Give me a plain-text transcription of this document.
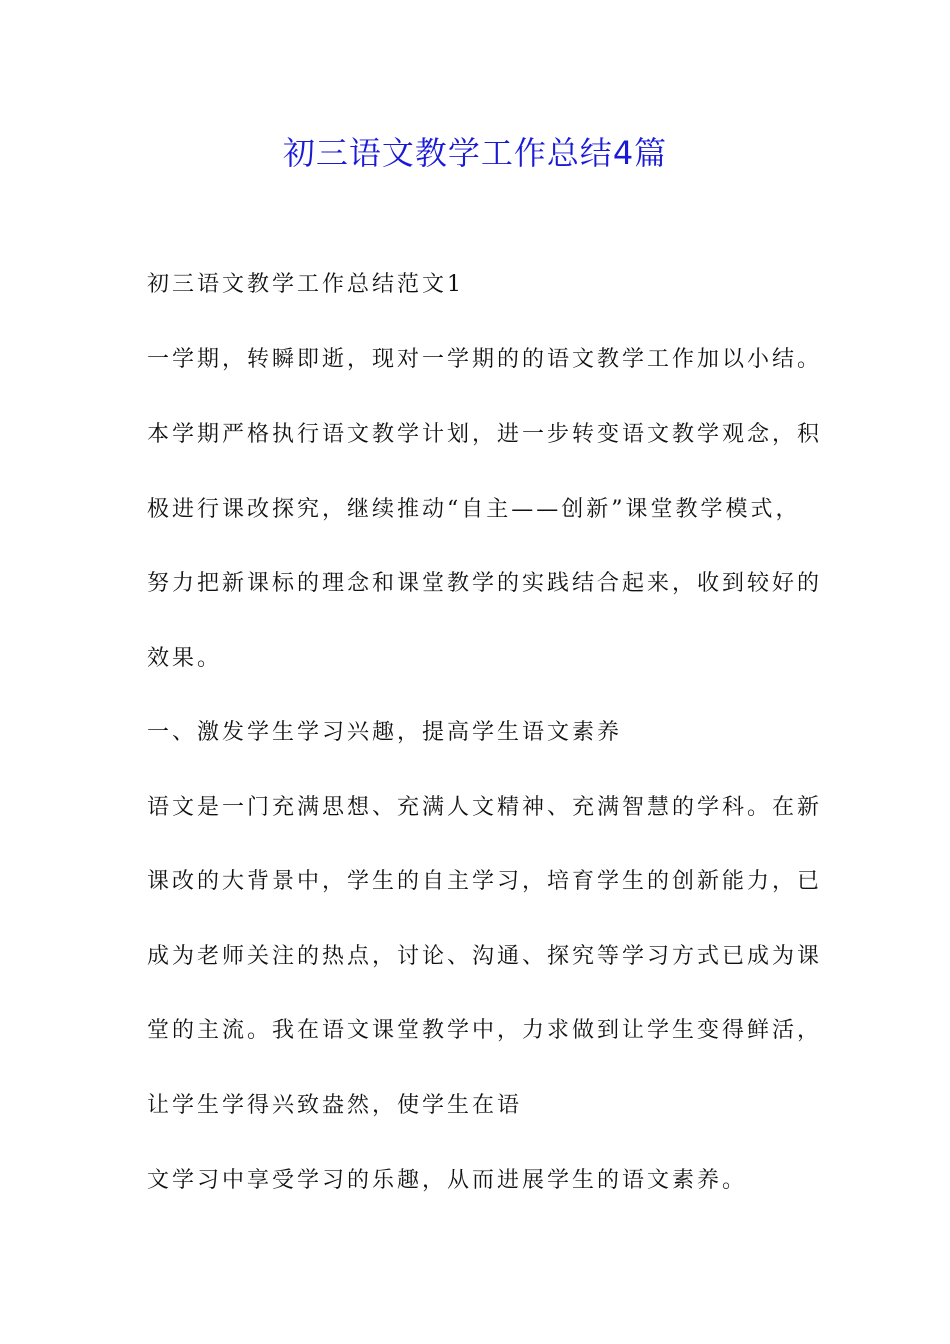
初三语文教学工作总结4篇
初三语文教学工作总结范文1
一学期，转瞬即逝，现对一学期的的语文教学工作加以小结。
本学期严格执行语文教学计划，进一步转变语文教学观念，积
极进行课改探究，继续推动“自主——创新”课堂教学模式，
努力把新课标的理念和课堂教学的实践结合起来，收到较好的
效果。
一、激发学生学习兴趣，提高学生语文素养
语文是一门充满思想、充满人文精神、充满智慧的学科。在新
课改的大背景中，学生的自主学习，培育学生的创新能力，已
成为老师关注的热点，讨论、沟通、探究等学习方式已成为课
堂的主流。我在语文课堂教学中，力求做到让学生变得鲜活，
让学生学得兴致盎然，使学生在语
文学习中享受学习的乐趣，从而进展学生的语文素养。
